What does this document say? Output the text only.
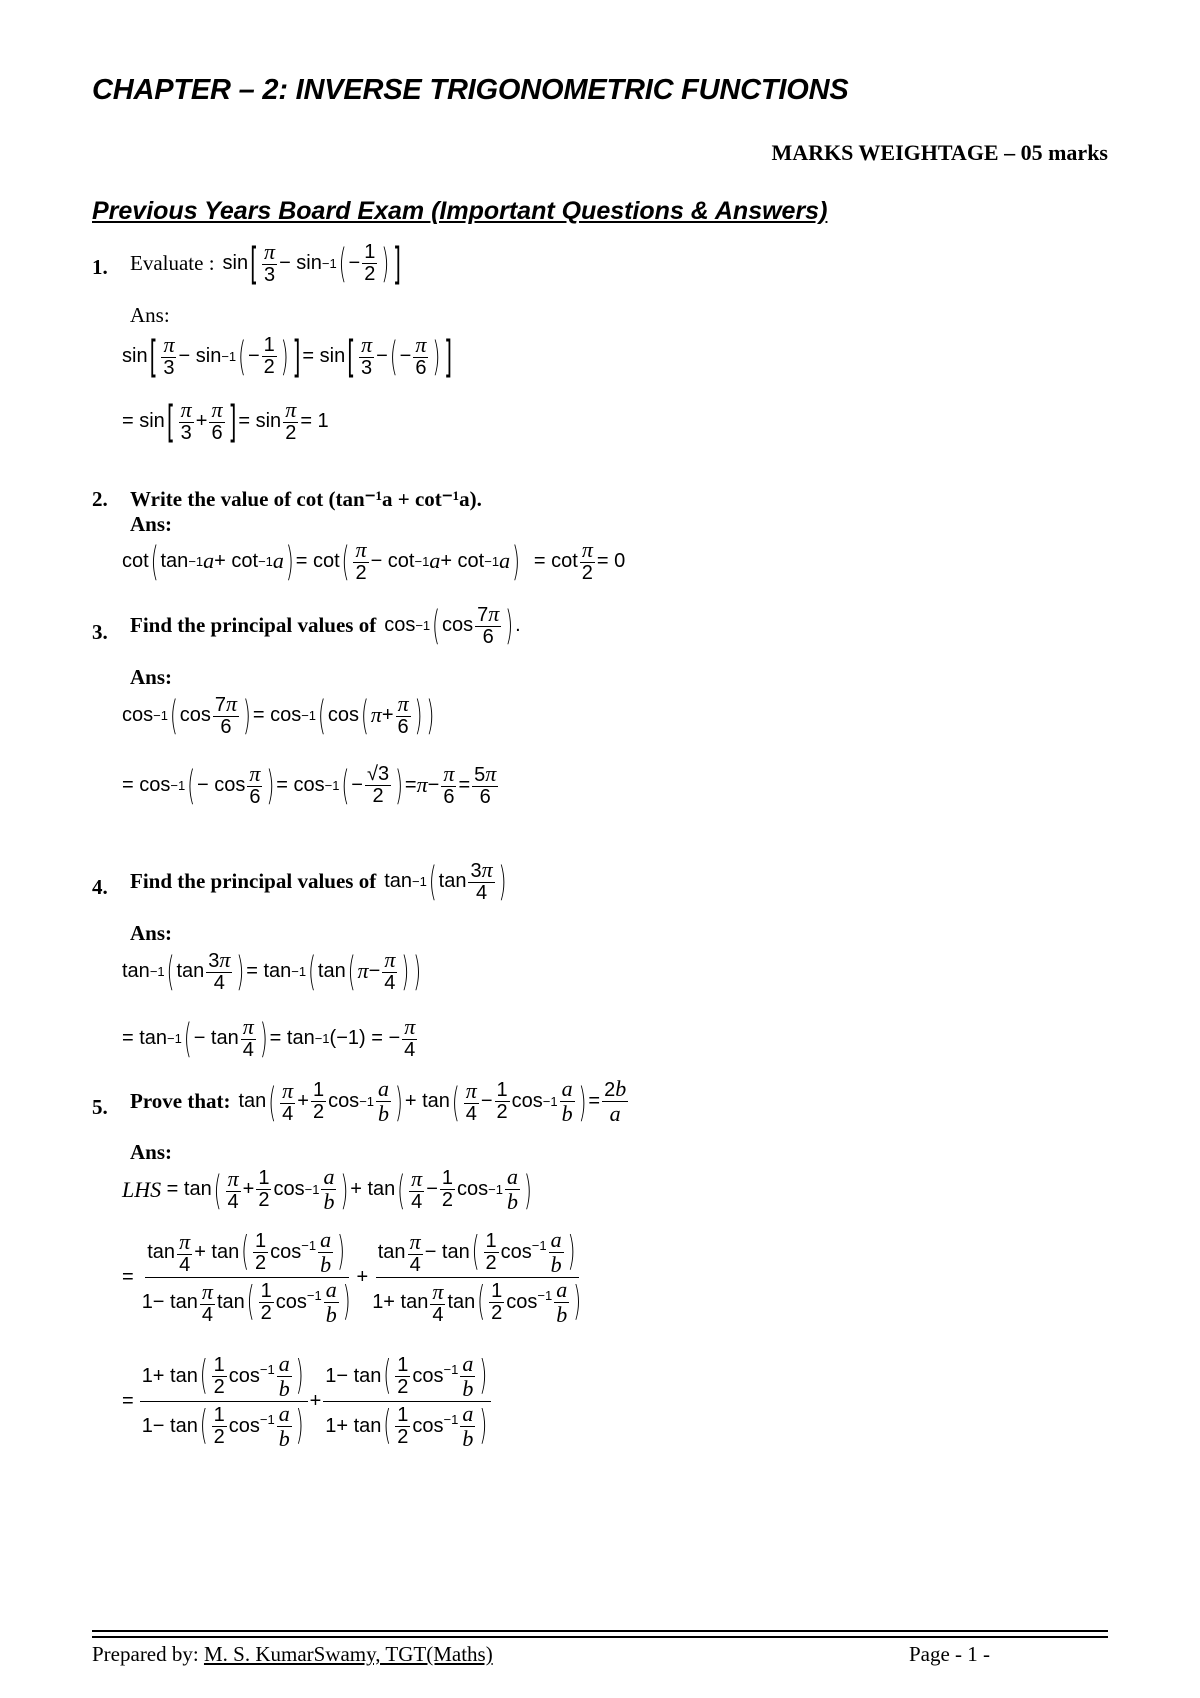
CHAPTER – 2: INVERSE TRIGONOMETRIC FUNCTIONS
MARKS WEIGHTAGE – 05 marks
Previous Years Board Exam (Important Questions & Answers)
1. Evaluate : sin [ $\frac{\pi}{3} - \sin -1$ ( − $\frac{1}{2}$ ) ]
Ans:
sin [ $\frac{\pi}{3} - \sin -1$ ( − $\frac{1}{2}$ ) ] = sin [ $\frac{\pi}{3}$ − ( − $\frac{\pi}{6}$ ) ]
= sin [ $\frac{\pi}{3} + \frac{\pi}{6}$ ] = $\sin \frac{\pi}{2} = 1$
2. Write the value of cot (tan⁻¹a + cot⁻¹a).
Ans:
cot ( tan −1 a + cot −1 a ) = cot ( $\frac{\pi}{2} - \cot -1$ a + cot −1 a ) = $\cot \frac{\pi}{2} = 0$
3. Find the principal values of cos −1 ( $\cos \frac{7\pi}{6}$ ) .
Ans:
cos −1 ( $\cos \frac{7\pi}{6}$ ) = cos −1 ( cos ( $\pi + \frac{\pi}{6}$ ) )
= cos −1 ( − $\cos \frac{\pi}{6}$ ) = cos −1 ( − $\frac{√3}{2}$ ) = $\pi - \frac{\pi}{6} = \frac{5\pi}{6}$
4. Find the principal values of tan −1 ( $\tan \frac{3\pi}{4}$ )
Ans:
tan −1 ( $\tan \frac{3\pi}{4}$ ) = tan −1 ( tan ( $\pi - \frac{\pi}{4}$ ) )
= tan −1 ( − $\tan \frac{\pi}{4}$ ) = tan −1 (−1) = − $\frac{\pi}{4}$
5. Prove that: tan ( $\frac{\pi}{4} + \frac{1}{2}$ $\cos -1 \frac{a}{b}$ ) + tan ( $\frac{\pi}{4} - \frac{1}{2}$ $\cos -1 \frac{a}{b}$ ) = $\frac{2b}{a}$
Ans:
LHS = tan ( $\frac{\pi}{4} + \frac{1}{2}$ $\cos -1 \frac{a}{b}$ ) + tan ( $\frac{\pi}{4} - \frac{1}{2}$ $\cos -1 \frac{a}{b}$ )
= $\frac{\tan \frac{\pi}{4} + \tan ( \frac{1}{2} \cos^{-1} \frac{a}{b} )}{1- \tan \frac{\pi}{4} \tan ( \frac{1}{2} \cos^{-1} \frac{a}{b} )} + \frac{\tan \frac{\pi}{4} - \tan ( \frac{1}{2} \cos^{-1} \frac{a}{b} )}{1+ \tan \frac{\pi}{4} \tan ( \frac{1}{2} \cos^{-1} \frac{a}{b} )}$
= $\frac{1+ \tan ( \frac{1}{2} \cos^{-1} \frac{a}{b} )}{1- \tan ( \frac{1}{2} \cos^{-1} \frac{a}{b} )} + \frac{1- \tan ( \frac{1}{2} \cos^{-1} \frac{a}{b} )}{1+ \tan ( \frac{1}{2} \cos^{-1} \frac{a}{b} )}$
Prepared by: M. S. KumarSwamy, TGT(Maths)	Page - 1 -
